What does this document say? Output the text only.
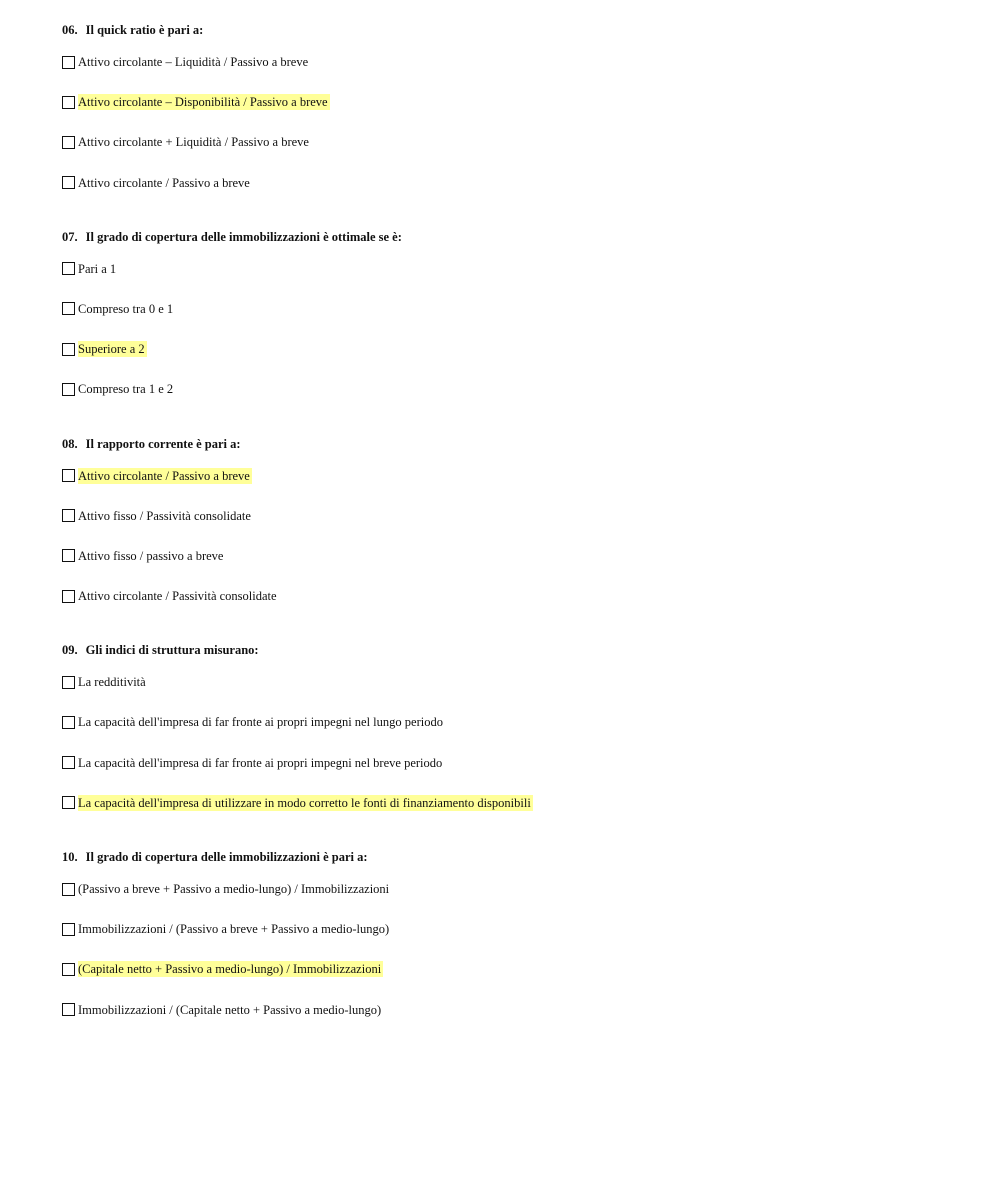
06. Il quick ratio è pari a:
Attivo circolante – Liquidità / Passivo a breve
Attivo circolante – Disponibilità / Passivo a breve
Attivo circolante + Liquidità / Passivo a breve
Attivo circolante / Passivo a breve
07. Il grado di copertura delle immobilizzazioni è ottimale se è:
Pari a 1
Compreso tra 0 e 1
Superiore a 2
Compreso tra 1 e 2
08. Il rapporto corrente è pari a:
Attivo circolante / Passivo a breve
Attivo fisso / Passività consolidate
Attivo fisso / passivo a breve
Attivo circolante / Passività consolidate
09. Gli indici di struttura misurano:
La redditività
La capacità dell'impresa di far fronte ai propri impegni nel lungo periodo
La capacità dell'impresa di far fronte ai propri impegni nel breve periodo
La capacità dell'impresa di utilizzare in modo corretto le fonti di finanziamento disponibili
10. Il grado di copertura delle immobilizzazioni è pari a:
(Passivo a breve + Passivo a medio-lungo) / Immobilizzazioni
Immobilizzazioni / (Passivo a breve + Passivo a medio-lungo)
(Capitale netto + Passivo a medio-lungo) / Immobilizzazioni
Immobilizzazioni / (Capitale netto + Passivo a medio-lungo)
